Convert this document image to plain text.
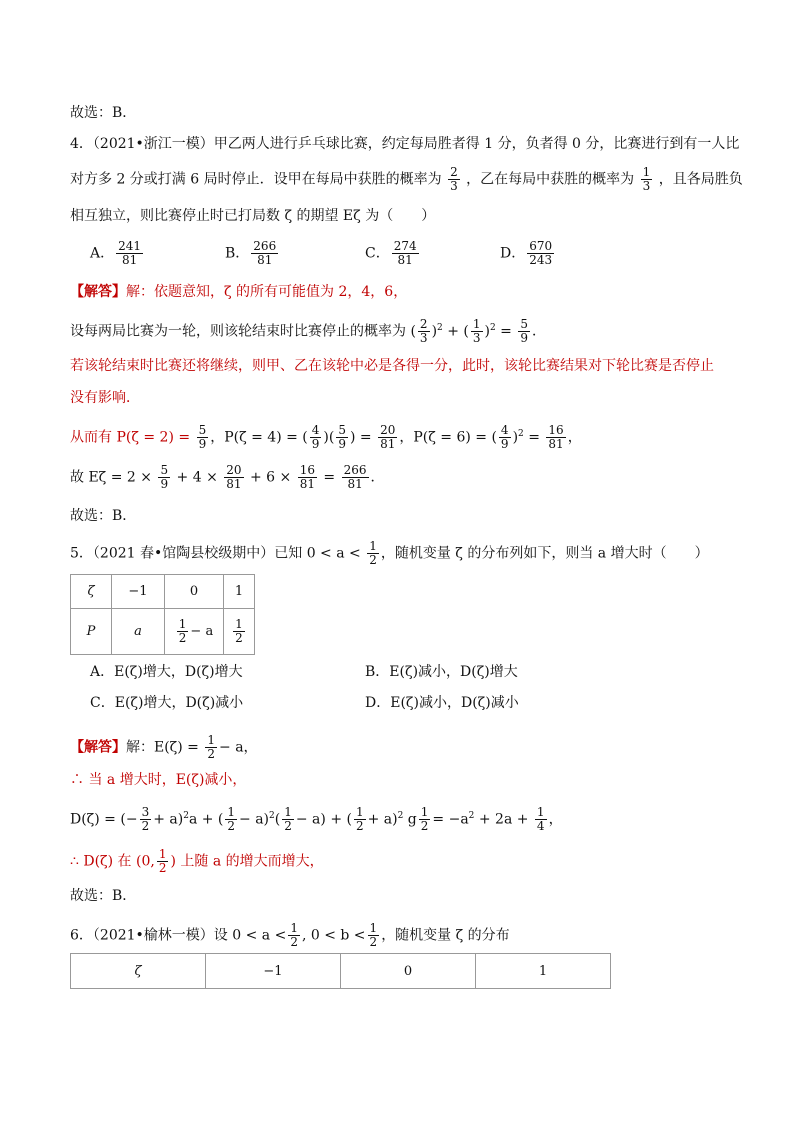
故选：B．
4．（2021•浙江一模）甲乙两人进行乒乓球比赛，约定每局胜者得 1 分，负者得 0 分，比赛进行到有一人比
对方多 2 分或打满 6 局时停止．设甲在每局中获胜的概率为 $\frac{2}{3}$ ，乙在每局中获胜的概率为 $\frac{1}{3}$ ，且各局胜负
相互独立，则比赛停止时已打局数 ζ 的期望 Eζ 为（　　）
A． $\frac{241}{81}$	B． $\frac{266}{81}$	C． $\frac{274}{81}$	D． $\frac{670}{243}$
【解答】解：依题意知，ζ 的所有可能值为 2，4，6，
设每两局比赛为一轮，则该轮结束时比赛停止的概率为 ( $\frac{2}{3} )^2$ + ( $\frac{1}{3} )^2 = \frac{5}{9}$ ．
若该轮结束时比赛还将继续，则甲、乙在该轮中必是各得一分，此时，该轮比赛结果对下轮比赛是否停止
没有影响．
从而有 $P(\zeta = 2) = \frac{5}{9}$ ，P(ζ = 4) = ( $\frac{4}{9}$ )( $\frac{5}{9}$ ) = $\frac{20}{81}$ ，P(ζ = 6) = ( $\frac{4}{9} )^2 = \frac{16}{81}$ ，
故 $E\zeta = 2 \times \frac{5}{9} + 4 \times \frac{20}{81} + 6 \times \frac{16}{81} = \frac{266}{81}$ ．
故选：B．
5．（2021 春•馆陶县校级期中）已知 $0 < a < \frac{1}{2}$ ，随机变量 ζ 的分布列如下，则当 a 增大时（　　）
ζ	−1	0	1
P	a	$\frac{1}{2} - a$	$\frac{1}{2}$
A．E(ζ)增大，D(ζ)增大	B．E(ζ)减小，D(ζ)增大
C．E(ζ)增大，D(ζ)减小	D．E(ζ)减小，D(ζ)减小
【解答】解：$E(\zeta) = \frac{1}{2} - a$，
∴ 当 a 增大时，E(ζ)减小，
D(ζ) = (− $\frac{3}{2} + a)^2a$ + ( $\frac{1}{2} - a)^2( \frac{1}{2} - a)$ + ( $\frac{1}{2} + a)^2$ g $\frac{1}{2} = -a^2 + 2a + \frac{1}{4}$ ，
∴ D(ζ) 在 (0, $\frac{1}{2}$ ) 上随 a 的增大而增大，
故选：B．
6．（2021•榆林一模）设 $0 < a < \frac{1}{2}$ , $0 < b < \frac{1}{2}$ ，随机变量 ζ 的分布
ζ	−1	0	1
